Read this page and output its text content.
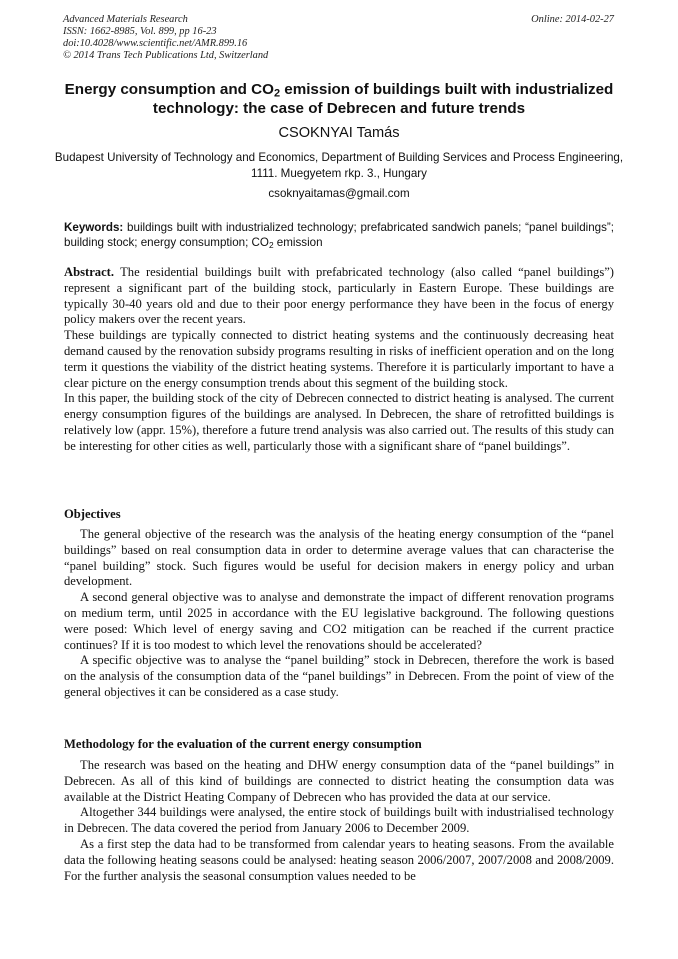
Advanced Materials Research
ISSN: 1662-8985, Vol. 899, pp 16-23
doi:10.4028/www.scientific.net/AMR.899.16
© 2014 Trans Tech Publications Ltd, Switzerland
Online: 2014-02-27
Energy consumption and $CO_2$ emission of buildings built with industrialized technology: the case of Debrecen and future trends
CSOKNYAI Tamás
Budapest University of Technology and Economics, Department of Building Services and Process Engineering, 1111. Muegyetem rkp. 3., Hungary
csoknyaitamas@gmail.com
Keywords: buildings built with industrialized technology; prefabricated sandwich panels; “panel buildings”; building stock; energy consumption; $CO_2$ emission

Abstract. The residential buildings built with prefabricated technology (also called “panel buildings”) represent a significant part of the building stock, particularly in Eastern Europe. These buildings are typically 30-40 years old and due to their poor energy performance they have been in the focus of energy policy makers over the recent years.

These buildings are typically connected to district heating systems and the continuously decreasing heat demand caused by the renovation subsidy programs resulting in risks of inefficient operation and on the long term it questions the viability of the district heating systems. Therefore it is particularly important to have a clear picture on the energy consumption trends about this segment of the building stock.

In this paper, the building stock of the city of Debrecen connected to district heating is analysed. The current energy consumption figures of the buildings are analysed. In Debrecen, the share of retrofitted buildings is relatively low (appr. 15%), therefore a future trend analysis was also carried out. The results of this study can be interesting for other cities as well, particularly those with a significant share of “panel buildings”.

Objectives

The general objective of the research was the analysis of the heating energy consumption of the “panel buildings” based on real consumption data in order to determine average values that can characterise the “panel building” stock. Such figures would be useful for decision makers in energy policy and urban development.

A second general objective was to analyse and demonstrate the impact of different renovation programs on medium term, until 2025 in accordance with the EU legislative background. The following questions were posed: Which level of energy saving and CO2 mitigation can be reached if the current practice continues? If it is too modest to which level the renovations should be accelerated?

A specific objective was to analyse the “panel building” stock in Debrecen, therefore the work is based on the analysis of the consumption data of the “panel buildings” in Debrecen. From the point of view of the general objectives it can be considered as a case study.

Methodology for the evaluation of the current energy consumption

The research was based on the heating and DHW energy consumption data of the “panel buildings” in Debrecen. As all of this kind of buildings are connected to district heating the consumption data was available at the District Heating Company of Debrecen who has provided the data at our service.

Altogether 344 buildings were analysed, the entire stock of buildings built with industrialised technology in Debrecen. The data covered the period from January 2006 to December 2009.

As a first step the data had to be transformed from calendar years to heating seasons. From the available data the following heating seasons could be analysed: heating season 2006/2007, 2007/2008 and 2008/2009. For the further analysis the seasonal consumption values needed to be
